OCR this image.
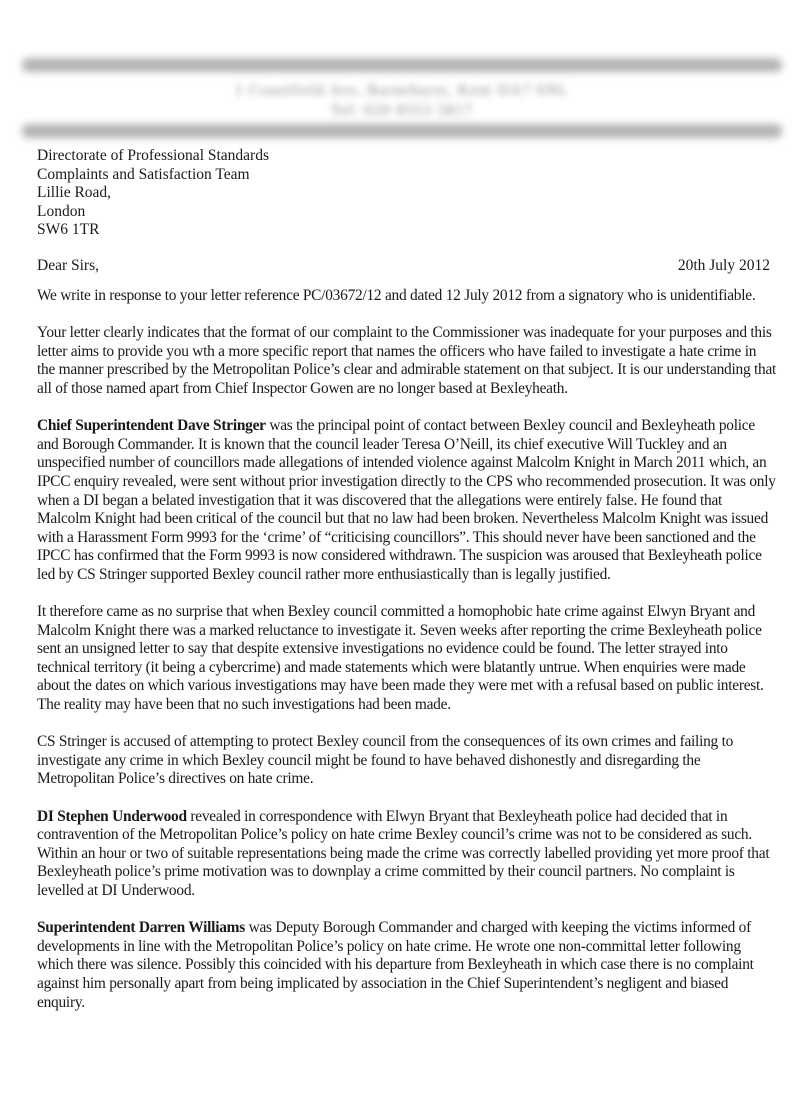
1 Coastfield Ave, Barnehurst, Kent DA7 6NL
Tel: 020 8553 5817
Directorate of Professional Standards
Complaints and Satisfaction Team
Lillie Road,
London
SW6 1TR
Dear Sirs,	20th July 2012

We write in response to your letter reference PC/03672/12 and dated 12 July 2012 from a signatory who is unidentifiable.

Your letter clearly indicates that the format of our complaint to the Commissioner was inadequate for your purposes and this letter aims to provide you wth a more specific report that names the officers who have failed to investigate a hate crime in the manner prescribed by the Metropolitan Police’s clear and admirable statement on that subject. It is our understanding that all of those named apart from Chief Inspector Gowen are no longer based at Bexleyheath.

Chief Superintendent Dave Stringer was the principal point of contact between Bexley council and Bexleyheath police and Borough Commander. It is known that the council leader Teresa O’Neill, its chief executive Will Tuckley and an unspecified number of councillors made allegations of intended violence against Malcolm Knight in March 2011 which, an IPCC enquiry revealed, were sent without prior investigation directly to the CPS who recommended prosecution. It was only when a DI began a belated investigation that it was discovered that the allegations were entirely false. He found that Malcolm Knight had been critical of the council but that no law had been broken. Nevertheless Malcolm Knight was issued with a Harassment Form 9993 for the ‘crime’ of “criticising councillors”. This should never have been sanctioned and the IPCC has confirmed that the Form 9993 is now considered withdrawn. The suspicion was aroused that Bexleyheath police led by CS Stringer supported Bexley council rather more enthusiastically than is legally justified.

It therefore came as no surprise that when Bexley council committed a homophobic hate crime against Elwyn Bryant and Malcolm Knight there was a marked reluctance to investigate it. Seven weeks after reporting the crime Bexleyheath police sent an unsigned letter to say that despite extensive investigations no evidence could be found. The letter strayed into technical territory (it being a cybercrime) and made statements which were blatantly untrue. When enquiries were made about the dates on which various investigations may have been made they were met with a refusal based on public interest. The reality may have been that no such investigations had been made.

CS Stringer is accused of attempting to protect Bexley council from the consequences of its own crimes and failing to investigate any crime in which Bexley council might be found to have behaved dishonestly and disregarding the Metropolitan Police’s directives on hate crime.

DI Stephen Underwood revealed in correspondence with Elwyn Bryant that Bexleyheath police had decided that in contravention of the Metropolitan Police’s policy on hate crime Bexley council’s crime was not to be considered as such. Within an hour or two of suitable representations being made the crime was correctly labelled providing yet more proof that Bexleyheath police’s prime motivation was to downplay a crime committed by their council partners. No complaint is levelled at DI Underwood.

Superintendent Darren Williams was Deputy Borough Commander and charged with keeping the victims informed of developments in line with the Metropolitan Police’s policy on hate crime. He wrote one non-committal letter following which there was silence. Possibly this coincided with his departure from Bexleyheath in which case there is no complaint against him personally apart from being implicated by association in the Chief Superintendent’s negligent and biased enquiry.
